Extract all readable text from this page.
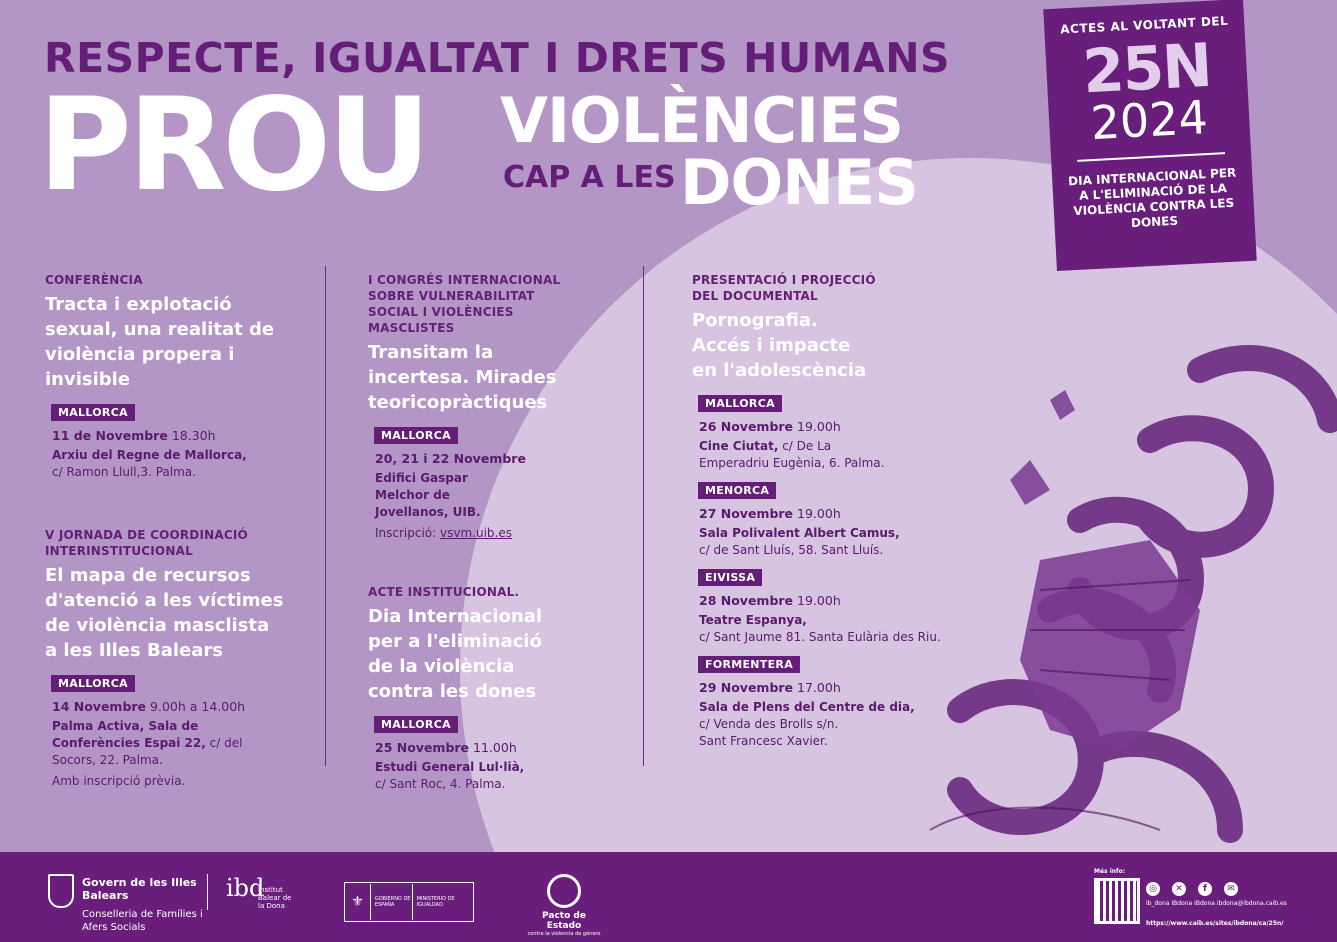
RESPECTE, IGUALTAT I DRETS HUMANS
PROU VIOLÈNCIES
CAP A LES DONES
ACTES AL VOLTANT DEL
25N
2024
DIA INTERNACIONAL PER A L'ELIMINACIÓ DE LA VIOLÈNCIA CONTRA LES DONES
CONFERÈNCIA
Tracta i explotació sexual, una realitat de violència propera i invisible
MALLORCA
11 de Novembre 18.30h
Arxiu del Regne de Mallorca,
c/ Ramon Llull,3. Palma.
V JORNADA DE COORDINACIÓ INTERINSTITUCIONAL
El mapa de recursos d'atenció a les víctimes de violència masclista a les Illes Balears
MALLORCA
14 Novembre 9.00h a 14.00h
Palma Activa, Sala de Conferències Espai 22, c/ del Socors, 22. Palma.
Amb inscripció prèvia.
I CONGRÉS INTERNACIONAL SOBRE VULNERABILITAT SOCIAL I VIOLÈNCIES MASCLISTES
Transitam la incertesa. Mirades teoricopràctiques
MALLORCA
20, 21 i 22 Novembre
Edifici Gaspar Melchor de Jovellanos, UIB.
Inscripció: vsvm.uib.es
ACTE INSTITUCIONAL.
Dia Internacional per a l'eliminació de la violència contra les dones
MALLORCA
25 Novembre 11.00h
Estudi General Lul·lià,
c/ Sant Roc, 4. Palma.
PRESENTACIÓ I PROJECCIÓ DEL DOCUMENTAL
Pornografia. Accés i impacte en l'adolescència
MALLORCA
26 Novembre 19.00h
Cine Ciutat, c/ De La Emperadriu Eugènia, 6. Palma.
MENORCA
27 Novembre 19.00h
Sala Polivalent Albert Camus,
c/ de Sant Lluís, 58. Sant Lluís.
EIVISSA
28 Novembre 19.00h
Teatre Espanya,
c/ Sant Jaume 81. Santa Eulària des Riu.
FORMENTERA
29 Novembre 17.00h
Sala de Plens del Centre de dia,
c/ Venda des Brolls s/n. Sant Francesc Xavier.
Govern de les Illes Balears
Conselleria de Famílies i Afers Socials
ibd
Institut Balear de la Dona	⚜	GOBIERNO DE ESPAÑA
MINISTERIO DE IGUALDAD
Pacto de Estado
contra la violencia de género
Més info:
◎	✕	f	✉
ib_dona IBdona IBdona ibdona@ibdona.caib.es
https://www.caib.es/sites/ibdona/ca/25n/
